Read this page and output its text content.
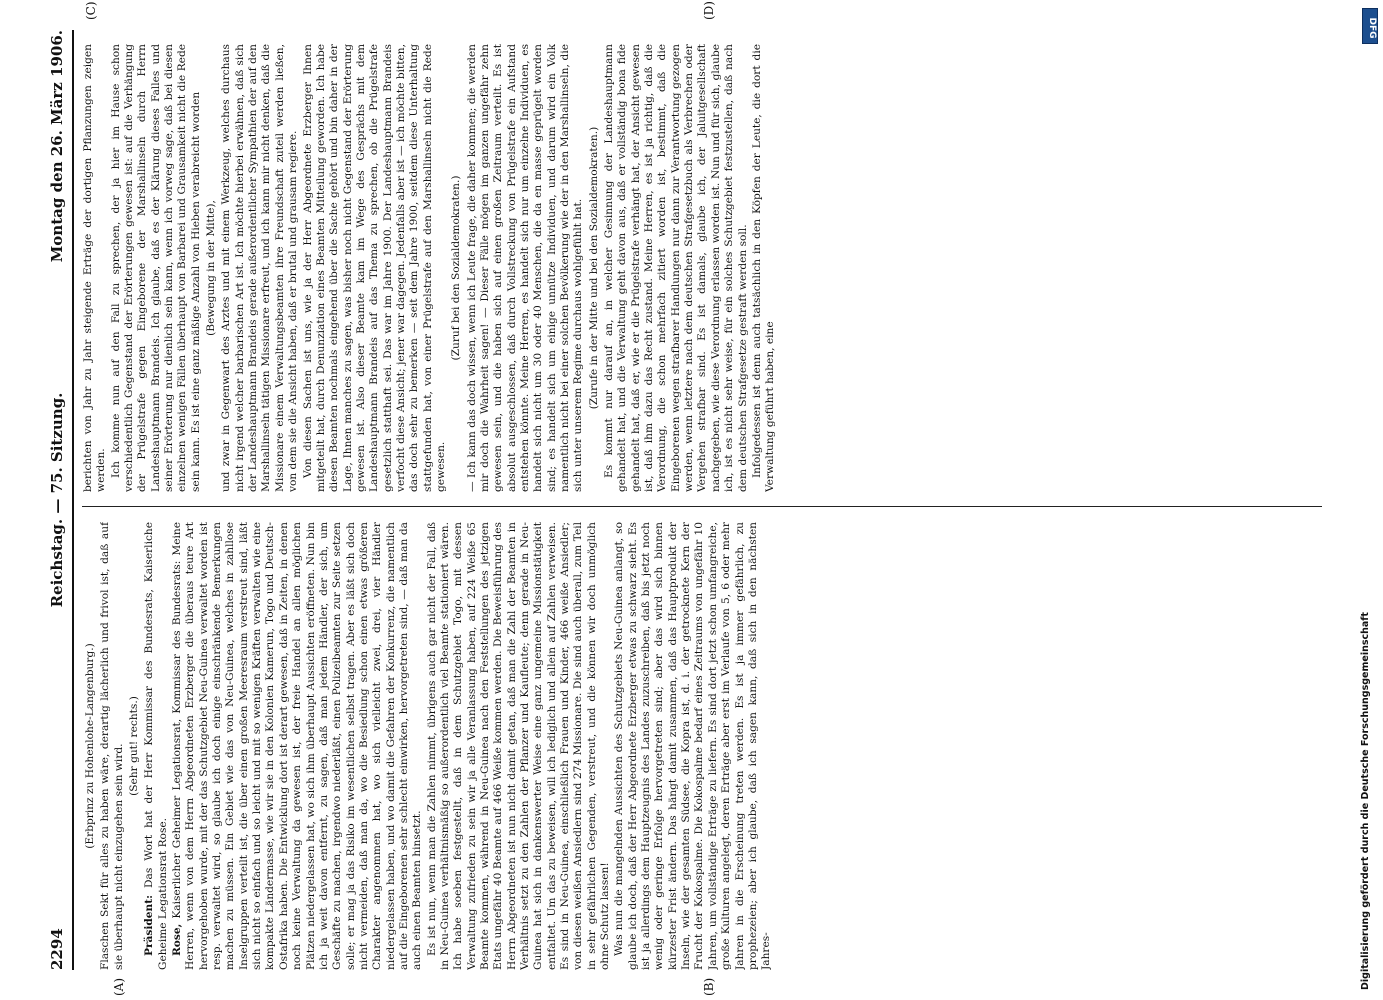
2294
Reichstag. — 75. Sitzung.
Montag den 26. März 1906.
(A)	(B)
(C)	(D)

(Erbprinz zu Hohenlohe-Langenburg.) Flaschen Sekt für alles zu haben wäre, derartig lächerlich und frivol ist, daß auf sie überhaupt nicht einzugehen sein wird. (Sehr gut! rechts.)

Präsident: Das Wort hat der Herr Kommissar des Bundesrats, Kaiserliche Geheime Legationsrat Rose. Rose, Kaiserlicher Geheimer Legationsrat, Kommissar des Bundesrats: Meine Herren, wenn von dem Herrn Abgeordneten Erzberger die überaus teure Art hervorgehoben wurde, mit der das Schutzgebiet Neu-Guinea verwaltet worden ist resp. verwaltet wird, so glaube ich doch einige einschränkende Bemerkungen machen zu müssen. Ein Gebiet wie das von Neu-Guinea, welches in zahllose Inselgruppen verteilt ist, die über einen großen Meeresraum verstreut sind, läßt sich nicht so einfach und so leicht und mit so wenigen Kräften verwalten wie eine kompakte Ländermasse, wie wir sie in den Kolonien Kamerun, Togo und Deutsch-Ostafrika haben. Die Entwicklung dort ist derart gewesen, daß in Zeiten, in denen noch keine Verwaltung da gewesen ist, der freie Handel an allen möglichen Plätzen niedergelassen hat, wo sich ihm überhaupt Aussichten eröffneten. Nun bin ich ja weit davon entfernt, zu sagen, daß man jedem Händler, der sich, um Geschäfte zu machen, irgendwo niederläßt, einen Polizeibeamten zur Seite setzen solle; er mag ja das Risiko im wesentlichen selbst tragen. Aber es läßt sich doch nicht vermeiden, daß man da, wo die Besiedlung schon einen etwas größeren Charakter angenommen hat, wo sich vielleicht zwei, drei, vier Händler niedergelassen haben, und wo damit die Gefahren der Konkurrenz, die namentlich auf die Eingeborenen sehr schlecht einwirken, hervorgetreten sind, — daß man da auch einen Beamten hinsetzt. Es ist nun, wenn man die Zahlen nimmt, übrigens auch gar nicht der Fall, daß in Neu-Guinea verhältnismäßig so außerordentlich viel Beamte stationiert wären. Ich habe soeben festgestellt, daß in dem Schutzgebiet Togo, mit dessen Verwaltung zufrieden zu sein wir ja alle Veranlassung haben, auf 224 Weiße 65 Beamte kommen, während in Neu-Guinea nach den Feststellungen des jetzigen Etats ungefähr 40 Beamte auf 466 Weiße kommen werden. Die Beweisführung des Herrn Abgeordneten ist nun nicht damit getan, daß man die Zahl der Beamten in Verhältnis setzt zu den Zahlen der Pflanzer und Kaufleute; denn gerade in Neu-Guinea hat sich in dankenswerter Weise eine ganz ungemeine Missionstätigkeit entfaltet. Um das zu beweisen, will ich lediglich und allein auf Zahlen verweisen. Es sind in Neu-Guinea, einschließlich Frauen und Kinder, 466 weiße Ansiedler; von diesen weißen Ansiedlern sind 274 Missionare. Die sind auch überall, zum Teil in sehr gefährlichen Gegenden, verstreut, und die können wir doch unmöglich ohne Schutz lassen! Was nun die mangelnden Aussichten des Schutzgebiets Neu-Guinea anlangt, so glaube ich doch, daß der Herr Abgeordnete Erzberger etwas zu schwarz sieht. Es ist ja allerdings dem Hauptzeugnis des Landes zuzuschreiben, daß bis jetzt noch wenig oder geringe Erfolge hervorgetreten sind; aber das wird sich binnen kürzester Frist ändern. Das hängt damit zusammen, daß das Hauptprodukt der Inseln, wie der gesamten Südsee, die Kopra ist, d. i. der getrocknete Kern der Frucht der Kokospalme. Die Kokospalme bedarf eines Zeitraums von ungefähr 10 Jahren, um vollständige Erträge zu liefern. Es sind dort jetzt schon umfangreiche, große Kulturen angelegt, deren Erträge aber erst im Verlaufe von 5, 6 oder mehr Jahren in die Erscheinung treten werden. Es ist ja immer gefährlich, zu prophezeien; aber ich glaube, daß ich sagen kann, daß sich in den nächsten Jahres-

berichten von Jahr zu Jahr steigende Erträge der dortigen Pflanzungen zeigen werden. Ich komme nun auf den Fall zu sprechen, der ja hier im Hause schon verschiedentlich Gegenstand der Erörterungen gewesen ist: auf die Verhängung der Prügelstrafe gegen Eingeborene der Marshallinseln durch Herrn Landeshauptmann Brandeis. Ich glaube, daß es der Klärung dieses Falles und seiner Erörterung nur dienlich sein kann, wenn ich vorweg sage, daß bei diesen einzelnen wenigen Fällen überhaupt von Barbarei und Grausamkeit nicht die Rede sein kann. Es ist eine ganz mäßige Anzahl von Hieben verabreicht worden (Bewegung in der Mitte), und zwar in Gegenwart des Arztes und mit einem Werkzeug, welches durchaus nicht irgend welcher barbarischen Art ist. Ich möchte hierbei erwähnen, daß sich der Landeshauptmann Brandeis gerade außerordentlicher Sympathien der auf den Marshallinseln tätigen Missionare erfreut, und ich kann mir nicht denken, daß die Missionare einem Verwaltungsbeamten ihre Freundschaft zuteil werden ließen, von dem sie die Ansicht haben, daß er brutal und grausam regiere. Von diesen Sachen ist uns, wie ja der Herr Abgeordnete Erzberger Ihnen mitgeteilt hat, durch Denunziation eines Beamten Mitteilung geworden. Ich habe diesen Beamten nochmals eingehend über die Sache gehört und bin daher in der Lage, Ihnen manches zu sagen, was bisher noch nicht Gegenstand der Erörterung gewesen ist. Also dieser Beamte kam im Wege des Gesprächs mit dem Landeshauptmann Brandeis auf das Thema zu sprechen, ob die Prügelstrafe gesetzlich statthaft sei. Das war im Jahre 1900. Der Landeshauptmann Brandeis verfocht diese Ansicht; jener war dagegen. Jedenfalls aber ist — ich möchte bitten, das doch sehr zu bemerken — seit dem Jahre 1900, seitdem diese Unterhaltung stattgefunden hat, von einer Prügelstrafe auf den Marshallinseln nicht die Rede gewesen.

(Zuruf bei den Sozialdemokraten.) — Ich kann das doch wissen, wenn ich Leute frage, die daher kommen; die werden mir doch die Wahrheit sagen! — Dieser Fälle mögen im ganzen ungefähr zehn gewesen sein, und die haben sich auf einen großen Zeitraum verteilt. Es ist absolut ausgeschlossen, daß durch Vollstreckung von Prügelstrafe ein Aufstand entstehen könnte. Meine Herren, es handelt sich nur um einzelne Individuen, es handelt sich nicht um 30 oder 40 Menschen, die da en masse geprügelt worden sind; es handelt sich um einige unnütze Individuen, und darum wird ein Volk namentlich nicht bei einer solchen Bevölkerung wie der in den Marshallinseln, die sich unter unserem Regime durchaus wohlgefühlt hat. (Zurufe in der Mitte und bei den Sozialdemokraten.) Es kommt nur darauf an, in welcher Gesinnung der Landeshauptmann gehandelt hat, und die Verwaltung geht davon aus, daß er vollständig bona fide gehandelt hat, daß er, wie er die Prügelstrafe verhängt hat, der Ansicht gewesen ist, daß ihm dazu das Recht zustand. Meine Herren, es ist ja richtig, daß die Verordnung, die schon mehrfach zitiert worden ist, bestimmt, daß die Eingeborenen wegen strafbarer Handlungen nur dann zur Verantwortung gezogen werden, wenn letztere nach dem deutschen Strafgesetzbuch als Verbrechen oder Vergehen strafbar sind. Es ist damals, glaube ich, der Jaluitgesellschaft nachgegeben, wie diese Verordnung erlassen worden ist. Nun und für sich, glaube ich, ist es nicht sehr weise, für ein solches Schutzgebiet festzustellen, daß nach dem deutschen Strafgesetze gestraft werden soll. Infolgedessen ist denn auch tatsächlich in den Köpfen der Leute, die dort die Verwaltung geführt haben, eine

Digitalisierung gefördert durch die Deutsche Forschungsgemeinschaft
DFG
